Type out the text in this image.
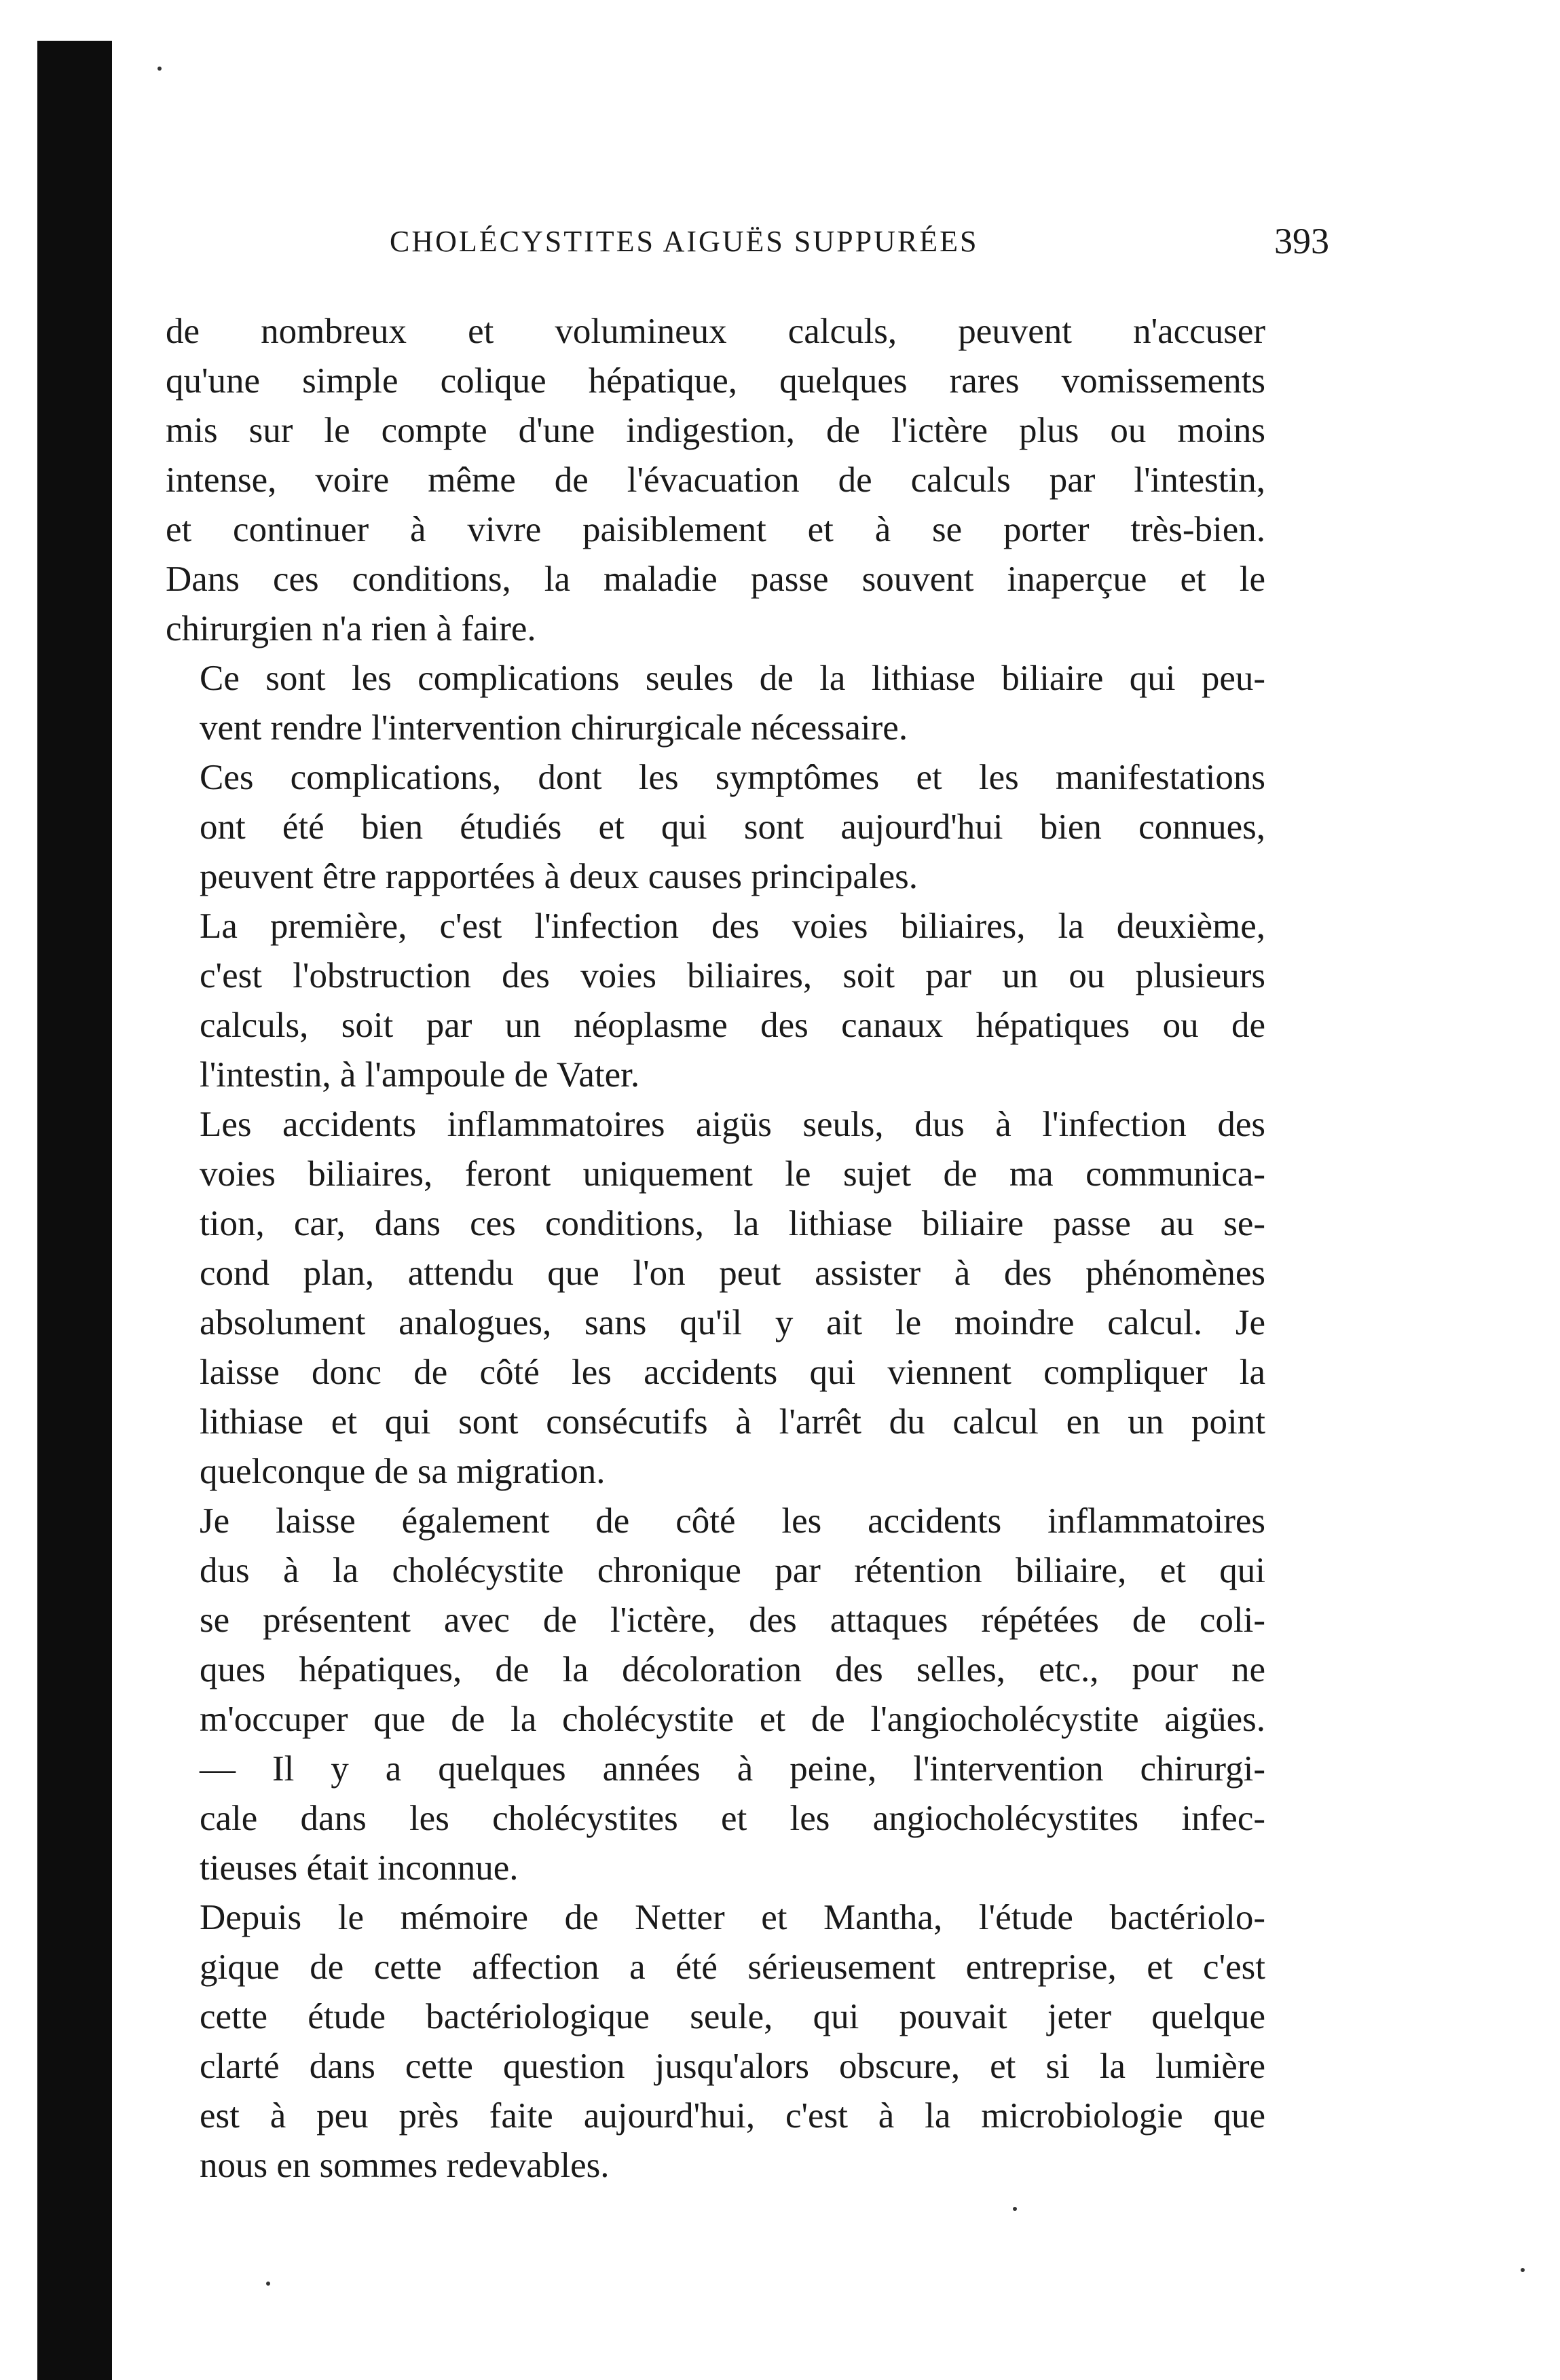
CHOLÉCYSTITES AIGUËS SUPPURÉES	393

de nombreux et volumineux calculs, peuvent n'accuser
qu'une simple colique hépatique, quelques rares vomissements
mis sur le compte d'une indigestion, de l'ictère plus ou moins
intense, voire même de l'évacuation de calculs par l'intestin,
et continuer à vivre paisiblement et à se porter très-bien.
Dans ces conditions, la maladie passe souvent inaperçue et le
chirurgien n'a rien à faire.

Ce sont les complications seules de la lithiase biliaire qui peu-
vent rendre l'intervention chirurgicale nécessaire.

Ces complications, dont les symptômes et les manifestations
ont été bien étudiés et qui sont aujourd'hui bien connues,
peuvent être rapportées à deux causes principales.

La première, c'est l'infection des voies biliaires, la deuxième,
c'est l'obstruction des voies biliaires, soit par un ou plusieurs
calculs, soit par un néoplasme des canaux hépatiques ou de
l'intestin, à l'ampoule de Vater.

Les accidents inflammatoires aigüs seuls, dus à l'infection des
voies biliaires, feront uniquement le sujet de ma communica-
tion, car, dans ces conditions, la lithiase biliaire passe au se-
cond plan, attendu que l'on peut assister à des phénomènes
absolument analogues, sans qu'il y ait le moindre calcul. Je
laisse donc de côté les accidents qui viennent compliquer la
lithiase et qui sont consécutifs à l'arrêt du calcul en un point
quelconque de sa migration.

Je laisse également de côté les accidents inflammatoires
dus à la cholécystite chronique par rétention biliaire, et qui
se présentent avec de l'ictère, des attaques répétées de coli-
ques hépatiques, de la décoloration des selles, etc., pour ne
m'occuper que de la cholécystite et de l'angiocholécystite aigües.
— Il y a quelques années à peine, l'intervention chirurgi-
cale dans les cholécystites et les angiocholécystites infec-
tieuses était inconnue.

Depuis le mémoire de Netter et Mantha, l'étude bactériolo-
gique de cette affection a été sérieusement entreprise, et c'est
cette étude bactériologique seule, qui pouvait jeter quelque
clarté dans cette question jusqu'alors obscure, et si la lumière
est à peu près faite aujourd'hui, c'est à la microbiologie que
nous en sommes redevables.
